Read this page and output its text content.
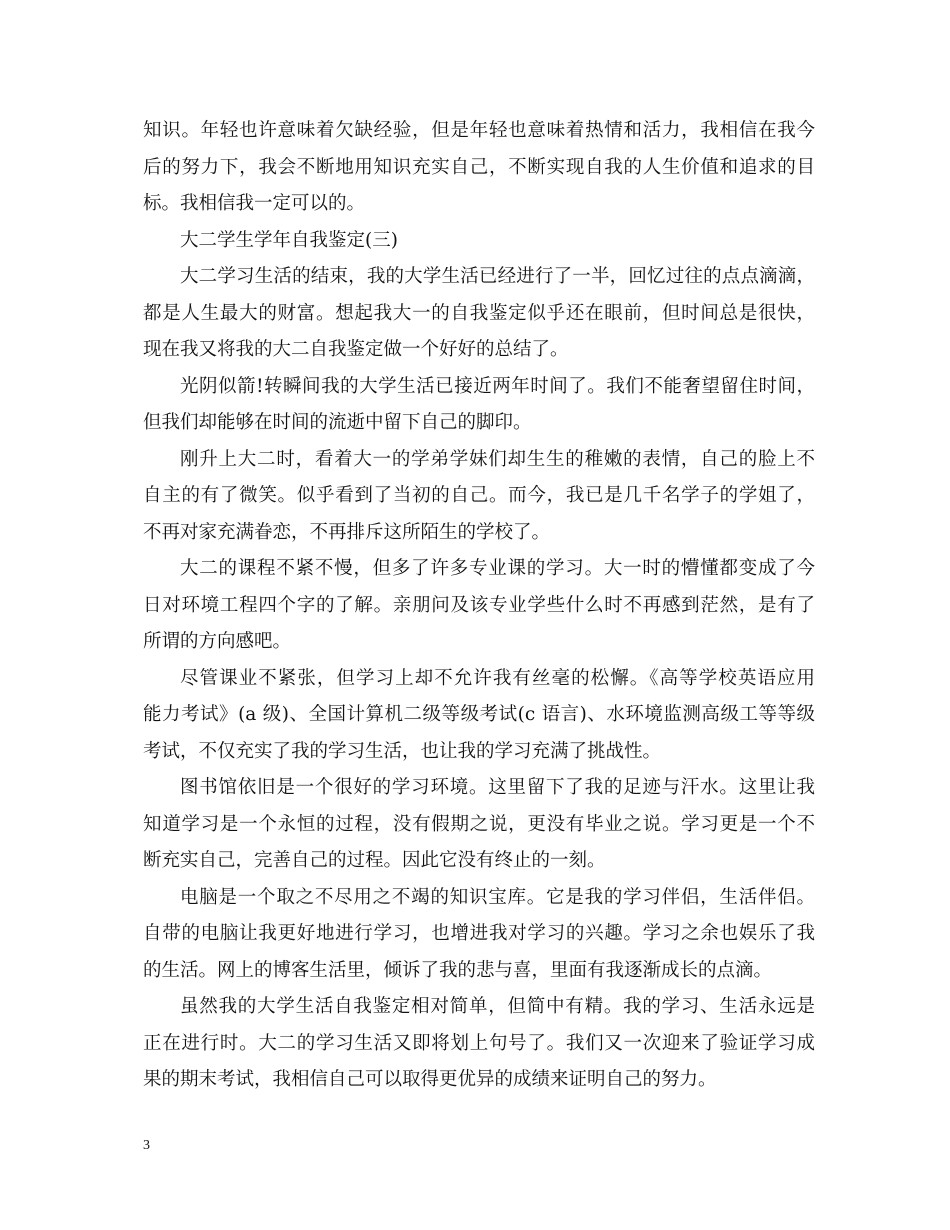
知识。年轻也许意味着欠缺经验，但是年轻也意味着热情和活力，我相信在我今
后的努力下，我会不断地用知识充实自己，不断实现自我的人生价值和追求的目
标。我相信我一定可以的。

大二学生学年自我鉴定(三)

大二学习生活的结束，我的大学生活已经进行了一半，回忆过往的点点滴滴，
都是人生最大的财富。想起我大一的自我鉴定似乎还在眼前，但时间总是很快，
现在我又将我的大二自我鉴定做一个好好的总结了。

光阴似箭!转瞬间我的大学生活已接近两年时间了。我们不能奢望留住时间，
但我们却能够在时间的流逝中留下自己的脚印。

刚升上大二时，看着大一的学弟学妹们却生生的稚嫩的表情，自己的脸上不
自主的有了微笑。似乎看到了当初的自己。而今，我已是几千名学子的学姐了，
不再对家充满眷恋，不再排斥这所陌生的学校了。

大二的课程不紧不慢，但多了许多专业课的学习。大一时的懵懂都变成了今
日对环境工程四个字的了解。亲朋问及该专业学些什么时不再感到茫然，是有了
所谓的方向感吧。

尽管课业不紧张，但学习上却不允许我有丝毫的松懈。《高等学校英语应用
能力考试》(a 级)、全国计算机二级等级考试(c 语言)、水环境监测高级工等等级
考试，不仅充实了我的学习生活，也让我的学习充满了挑战性。

图书馆依旧是一个很好的学习环境。这里留下了我的足迹与汗水。这里让我
知道学习是一个永恒的过程，没有假期之说，更没有毕业之说。学习更是一个不
断充实自己，完善自己的过程。因此它没有终止的一刻。

电脑是一个取之不尽用之不竭的知识宝库。它是我的学习伴侣，生活伴侣。
自带的电脑让我更好地进行学习，也增进我对学习的兴趣。学习之余也娱乐了我
的生活。网上的博客生活里，倾诉了我的悲与喜，里面有我逐渐成长的点滴。

虽然我的大学生活自我鉴定相对简单，但简中有精。我的学习、生活永远是
正在进行时。大二的学习生活又即将划上句号了。我们又一次迎来了验证学习成
果的期末考试，我相信自己可以取得更优异的成绩来证明自己的努力。

3
